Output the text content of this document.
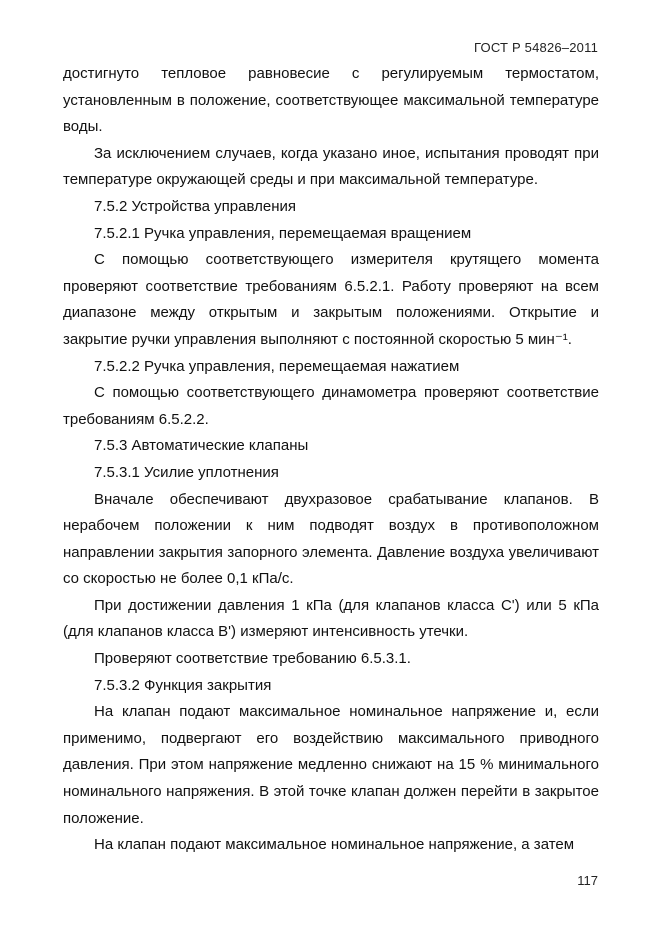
ГОСТ Р 54826–2011

достигнуто тепловое равновесие с регулируемым термостатом, установленным в положение, соответствующее максимальной температуре воды.

За исключением случаев, когда указано иное, испытания проводят при температуре окружающей среды и при максимальной температуре.

7.5.2 Устройства управления

7.5.2.1 Ручка управления, перемещаемая вращением

С помощью соответствующего измерителя крутящего момента проверяют соответствие требованиям 6.5.2.1. Работу проверяют на всем диапазоне между открытым и закрытым положениями. Открытие и закрытие ручки управления выполняют с постоянной скоростью 5 мин⁻¹.

7.5.2.2 Ручка управления, перемещаемая нажатием

С помощью соответствующего динамометра проверяют соответствие требованиям 6.5.2.2.

7.5.3 Автоматические клапаны

7.5.3.1 Усилие уплотнения

Вначале обеспечивают двухразовое срабатывание клапанов. В нерабочем положении к ним подводят воздух в противоположном направлении закрытия запорного элемента. Давление воздуха увеличивают со скоростью не более 0,1 кПа/с.

При достижении давления 1 кПа (для клапанов класса С') или 5 кПа (для клапанов класса В') измеряют интенсивность утечки.

Проверяют соответствие требованию 6.5.3.1.

7.5.3.2 Функция закрытия

На клапан подают максимальное номинальное напряжение и, если применимо, подвергают его воздействию максимального приводного давления. При этом напряжение медленно снижают на 15 % минимального номинального напряжения. В этой точке клапан должен перейти в закрытое положение.

На клапан подают максимальное номинальное напряжение, а затем

117
